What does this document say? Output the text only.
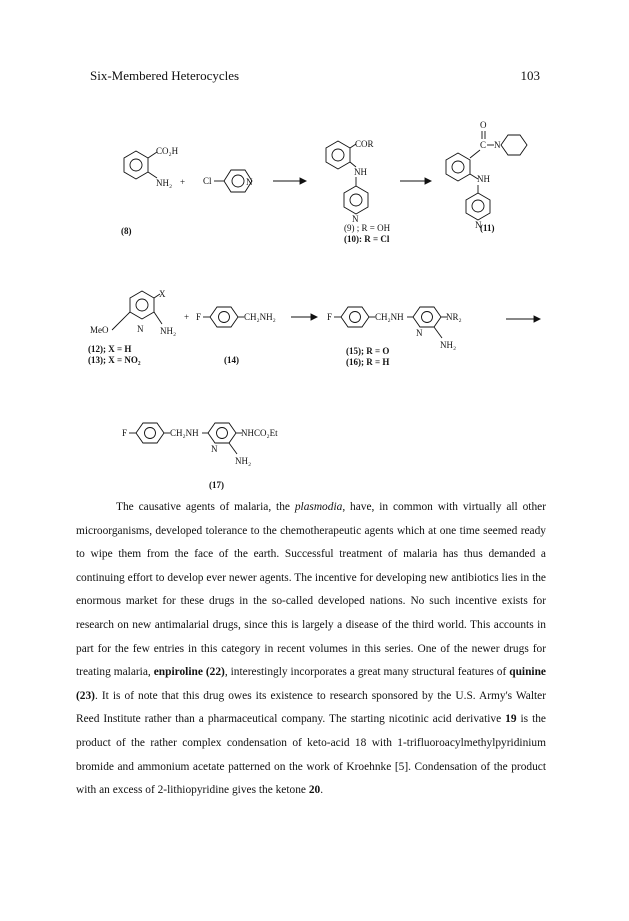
Six-Membered Heterocycles	103
CO₂H
NH₂ + Cl	N
COR
NH
N
O
C N
NH
N
(8)	(9) ; R = OH
(10): R = Cl
(11)
X
MeO	N NH₂
+ F	CH₂NH₂	F	CH₂NH	NR₂
N
NH₂
(12); X = H
(13); X = NO₂	(14)
(15); R = O
(16); R = H
F	CH₂NH	NHCO₂Et
N
NH₂
(17)

The causative agents of malaria, the plasmodia, have, in common with virtually all other microorganisms, developed tolerance to the chemotherapeutic agents which at one time seemed ready to wipe them from the face of the earth. Successful treatment of malaria has thus demanded a continuing effort to develop ever newer agents. The incentive for developing new antibiotics lies in the enormous market for these drugs in the so-called developed nations. No such incentive exists for research on new antimalarial drugs, since this is largely a disease of the third world. This accounts in part for the few entries in this category in recent volumes in this series. One of the newer drugs for treating malaria, enpiroline (22), interestingly incorporates a great many structural features of quinine (23). It is of note that this drug owes its existence to research sponsored by the U.S. Army's Walter Reed Institute rather than a pharmaceutical company. The starting nicotinic acid derivative 19 is the product of the rather complex condensation of keto-acid 18 with 1-trifluoroacylmethylpyridinium bromide and ammonium acetate patterned on the work of Kroehnke [5]. Condensation of the product with an excess of 2-lithiopyridine gives the ketone 20.
